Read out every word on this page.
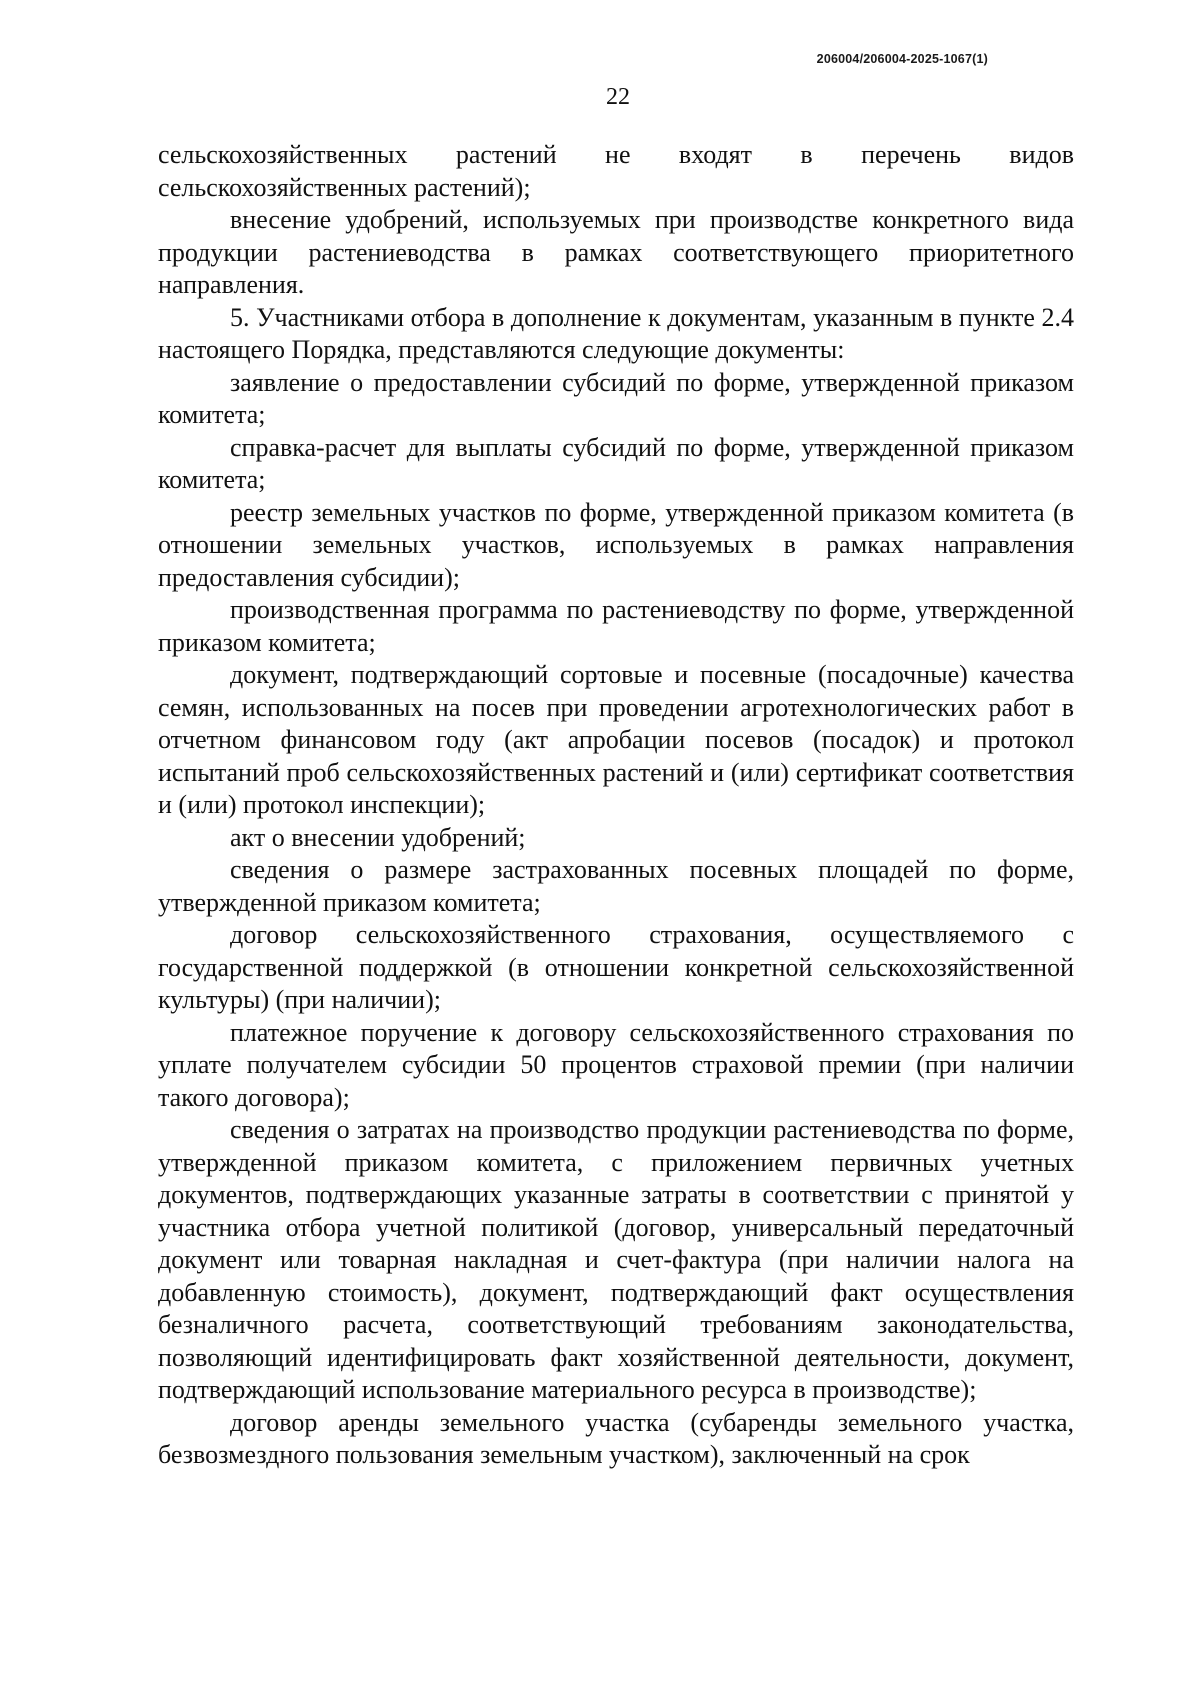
206004/206004-2025-1067(1)
22

сельскохозяйственных растений не входят в перечень видов сельскохозяйственных растений);

внесение удобрений, используемых при производстве конкретного вида продукции растениеводства в рамках соответствующего приоритетного направления.

5. Участниками отбора в дополнение к документам, указанным в пункте 2.4 настоящего Порядка, представляются следующие документы:

заявление о предоставлении субсидий по форме, утвержденной приказом комитета;

справка-расчет для выплаты субсидий по форме, утвержденной приказом комитета;

реестр земельных участков по форме, утвержденной приказом комитета (в отношении земельных участков, используемых в рамках направления предоставления субсидии);

производственная программа по растениеводству по форме, утвержденной приказом комитета;

документ, подтверждающий сортовые и посевные (посадочные) качества семян, использованных на посев при проведении агротехнологических работ в отчетном финансовом году (акт апробации посевов (посадок) и протокол испытаний проб сельскохозяйственных растений и (или) сертификат соответствия и (или) протокол инспекции);

акт о внесении удобрений;

сведения о размере застрахованных посевных площадей по форме, утвержденной приказом комитета;

договор сельскохозяйственного страхования, осуществляемого с государственной поддержкой (в отношении конкретной сельскохозяйственной культуры) (при наличии);

платежное поручение к договору сельскохозяйственного страхования по уплате получателем субсидии 50 процентов страховой премии (при наличии такого договора);

сведения о затратах на производство продукции растениеводства по форме, утвержденной приказом комитета, с приложением первичных учетных документов, подтверждающих указанные затраты в соответствии с принятой у участника отбора учетной политикой (договор, универсальный передаточный документ или товарная накладная и счет-фактура (при наличии налога на добавленную стоимость), документ, подтверждающий факт осуществления безналичного расчета, соответствующий требованиям законодательства, позволяющий идентифицировать факт хозяйственной деятельности, документ, подтверждающий использование материального ресурса в производстве);

договор аренды земельного участка (субаренды земельного участка, безвозмездного пользования земельным участком), заключенный на срок
